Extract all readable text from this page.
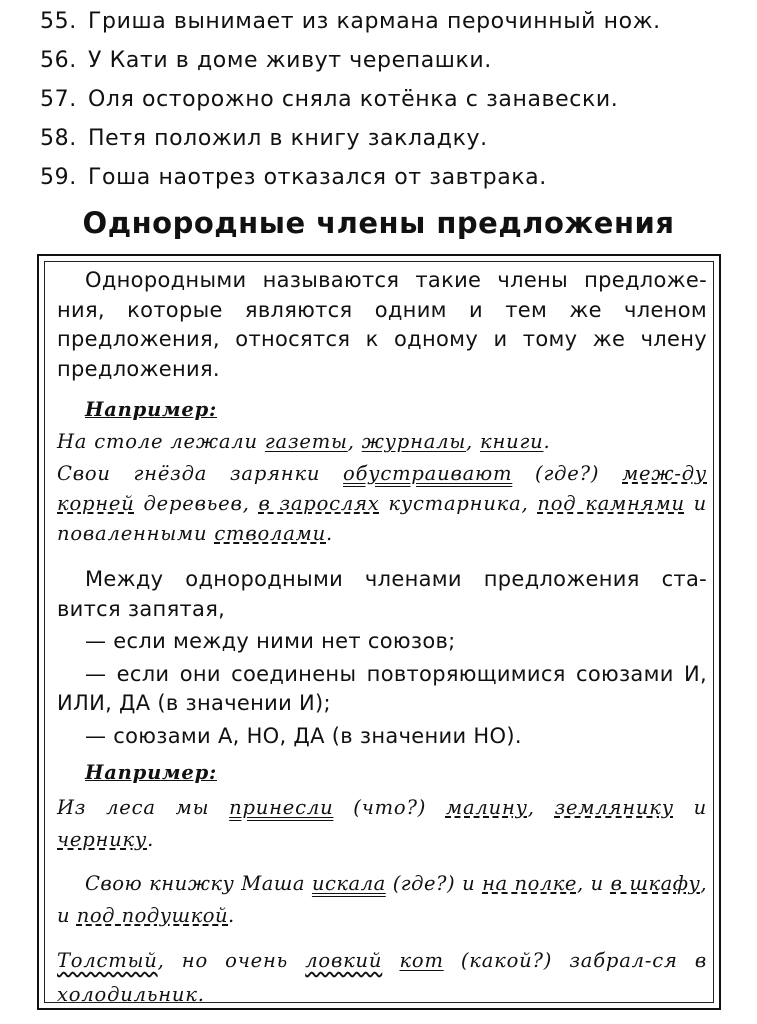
55. Гриша вынимает из кармана перочинный нож.
56. У Кати в доме живут черепашки.
57. Оля осторожно сняла котёнка с занавески.
58. Петя положил в книгу закладку.
59. Гоша наотрез отказался от завтрака.
Однородные члены предложения
Однородными называются такие члены предложе-ния, которые являются одним и тем же членом предложения, относятся к одному и тому же члену предложения.
Например:
На столе лежали газеты, журналы, книги.
Свои гнёзда зарянки обустраивают (где?) меж-ду корней деревьев, в зарослях кустарника, под камнями и поваленными стволами.
Между однородными членами предложения ста-вится запятая,
— если между ними нет союзов;
— если они соединены повторяющимися союзами И, ИЛИ, ДА (в значении И);
— союзами А, НО, ДА (в значении НО).
Например:
Из леса мы принесли (что?) малину, землянику и чернику.
Свою книжку Маша искала (где?) и на полке, и в шкафу, и под подушкой.
Толстый, но очень ловкий кот (какой?) забрал-ся в холодильник.
